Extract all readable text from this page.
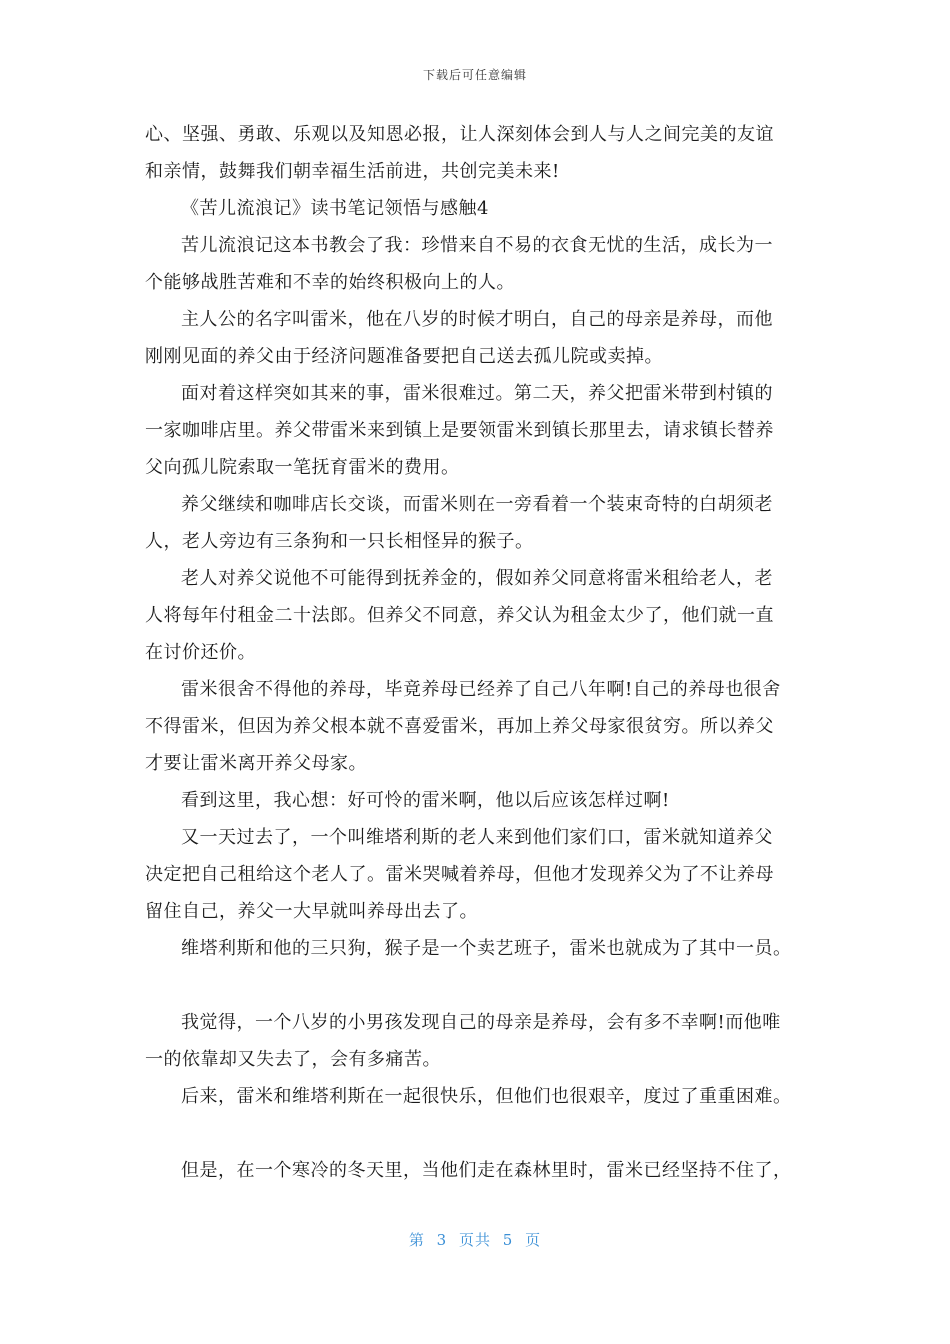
下载后可任意编辑
心、坚强、勇敢、乐观以及知恩必报，让人深刻体会到人与人之间完美的友谊
和亲情，鼓舞我们朝幸福生活前进，共创完美未来!
《苦儿流浪记》读书笔记领悟与感触4
苦儿流浪记这本书教会了我：珍惜来自不易的衣食无忧的生活，成长为一
个能够战胜苦难和不幸的始终积极向上的人。
主人公的名字叫雷米，他在八岁的时候才明白，自己的母亲是养母，而他
刚刚见面的养父由于经济问题准备要把自己送去孤儿院或卖掉。
面对着这样突如其来的事，雷米很难过。第二天，养父把雷米带到村镇的
一家咖啡店里。养父带雷米来到镇上是要领雷米到镇长那里去，请求镇长替养
父向孤儿院索取一笔抚育雷米的费用。
养父继续和咖啡店长交谈，而雷米则在一旁看着一个装束奇特的白胡须老
人，老人旁边有三条狗和一只长相怪异的猴子。
老人对养父说他不可能得到抚养金的，假如养父同意将雷米租给老人，老
人将每年付租金二十法郎。但养父不同意，养父认为租金太少了，他们就一直
在讨价还价。
雷米很舍不得他的养母，毕竟养母已经养了自己八年啊!自己的养母也很舍
不得雷米，但因为养父根本就不喜爱雷米，再加上养父母家很贫穷。所以养父
才要让雷米离开养父母家。
看到这里，我心想：好可怜的雷米啊，他以后应该怎样过啊!
又一天过去了，一个叫维塔利斯的老人来到他们家们口，雷米就知道养父
决定把自己租给这个老人了。雷米哭喊着养母，但他才发现养父为了不让养母
留住自己，养父一大早就叫养母出去了。
维塔利斯和他的三只狗，猴子是一个卖艺班子，雷米也就成为了其中一员。
我觉得，一个八岁的小男孩发现自己的母亲是养母，会有多不幸啊!而他唯
一的依靠却又失去了，会有多痛苦。
后来，雷米和维塔利斯在一起很快乐，但他们也很艰辛，度过了重重困难。
但是，在一个寒冷的冬天里，当他们走在森林里时，雷米已经坚持不住了，
第 3 页共 5 页
